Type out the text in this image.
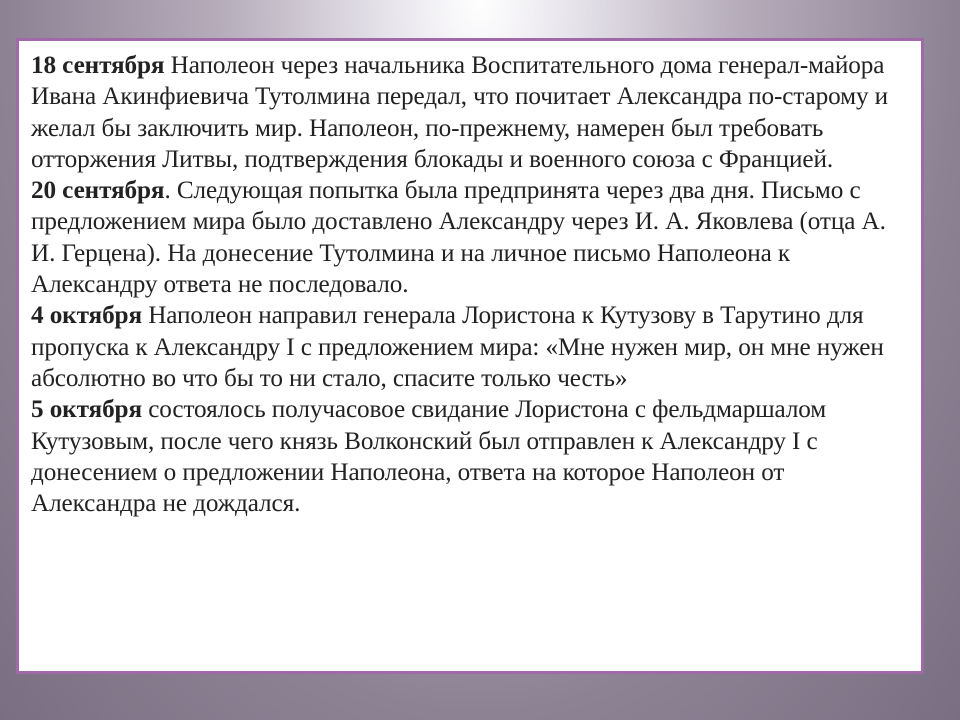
18 сентября Наполеон через начальника Воспитательного дома генерал-майора Ивана Акинфиевича Тутолмина передал, что почитает Александра по-старому и желал бы заключить мир. Наполеон, по-прежнему, намерен был требовать отторжения Литвы, подтверждения блокады и военного союза с Францией.

20 сентября. Следующая попытка была предпринята через два дня. Письмо с предложением мира было доставлено Александру через И. А. Яковлева (отца А. И. Герцена). На донесение Тутолмина и на личное письмо Наполеона к Александру ответа не последовало.

4 октября Наполеон направил генерала Лористона к Кутузову в Тарутино для пропуска к Александру I с предложением мира: «Мне нужен мир, он мне нужен абсолютно во что бы то ни стало, спасите только честь»

5 октября состоялось получасовое свидание Лористона с фельдмаршалом Кутузовым, после чего князь Волконский был отправлен к Александру I с донесением о предложении Наполеона, ответа на которое Наполеон от Александра не дождался.
